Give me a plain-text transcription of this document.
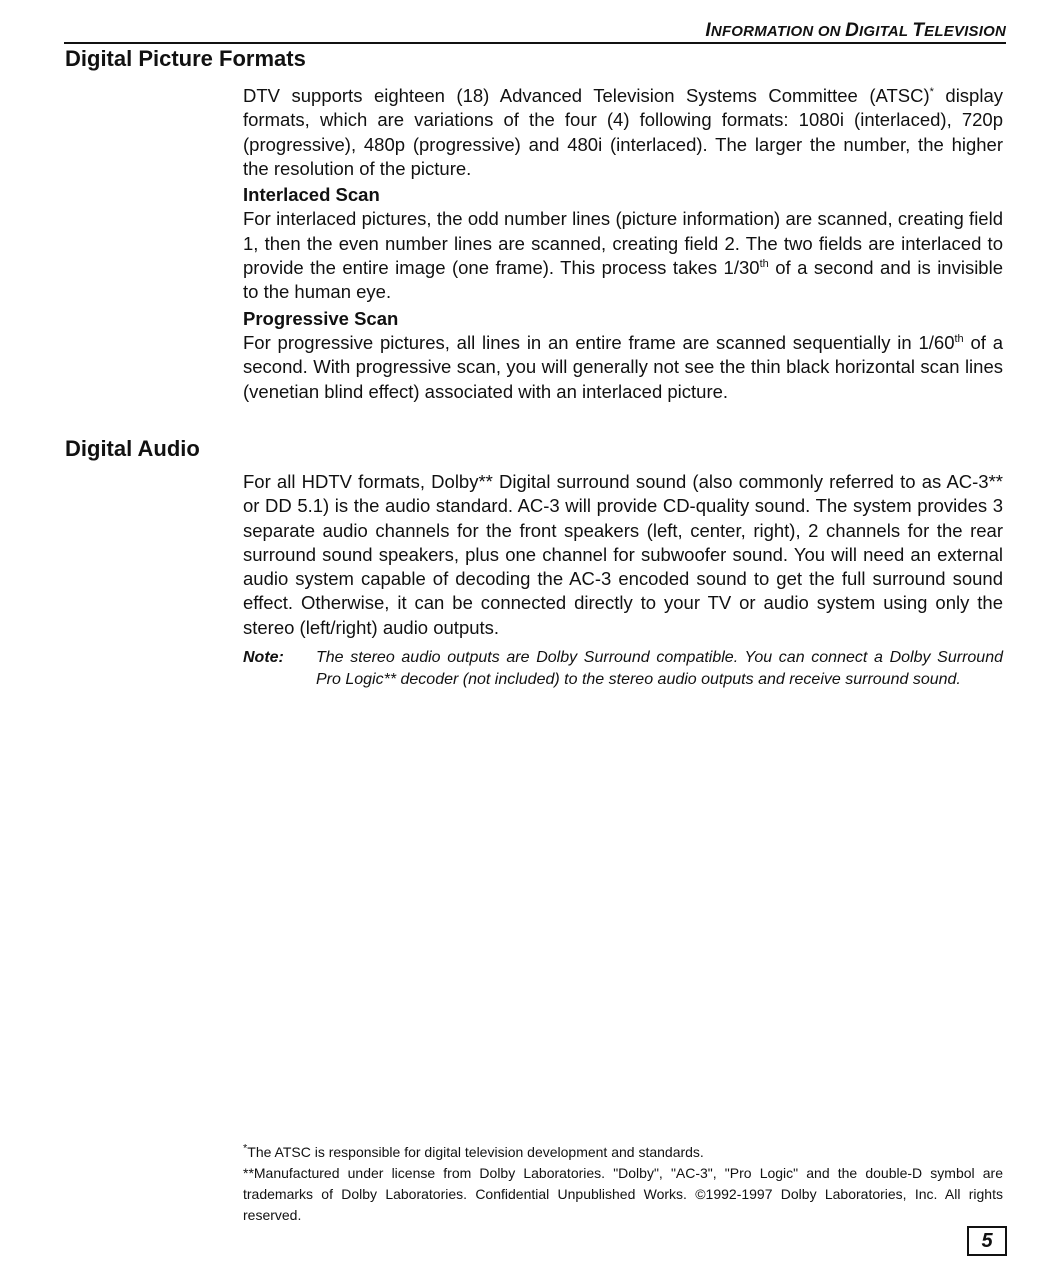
INFORMATION ON DIGITAL TELEVISION
Digital Picture Formats

DTV supports eighteen (18) Advanced Television Systems Committee (ATSC)* display formats, which are variations of the four (4) following formats: 1080i (interlaced), 720p (progressive), 480p (progressive) and 480i (interlaced). The larger the number, the higher the resolution of the picture.

Interlaced Scan

For interlaced pictures, the odd number lines (picture information) are scanned, creating field 1, then the even number lines are scanned, creating field 2. The two fields are interlaced to provide the entire image (one frame). This process takes 1/30th of a second and is invisible to the human eye.

Progressive Scan

For progressive pictures, all lines in an entire frame are scanned sequentially in 1/60th of a second. With progressive scan, you will generally not see the thin black horizontal scan lines (venetian blind effect) associated with an interlaced picture.

Digital Audio

For all HDTV formats, Dolby** Digital surround sound (also commonly referred to as AC-3** or DD 5.1) is the audio standard. AC-3 will provide CD-quality sound. The system provides 3 separate audio channels for the front speakers (left, center, right), 2 channels for the rear surround sound speakers, plus one channel for subwoofer sound. You will need an external audio system capable of decoding the AC-3 encoded sound to get the full surround sound effect. Otherwise, it can be connected directly to your TV or audio system using only the stereo (left/right) audio outputs.

Note:	The stereo audio outputs are Dolby Surround compatible. You can connect a Dolby Surround Pro Logic** decoder (not included) to the stereo audio outputs and receive surround sound.

*The ATSC is responsible for digital television development and standards.

**Manufactured under license from Dolby Laboratories. "Dolby", "AC-3", "Pro Logic" and the double-D symbol are trademarks of Dolby Laboratories. Confidential Unpublished Works. ©1992-1997 Dolby Laboratories, Inc. All rights reserved.

5
